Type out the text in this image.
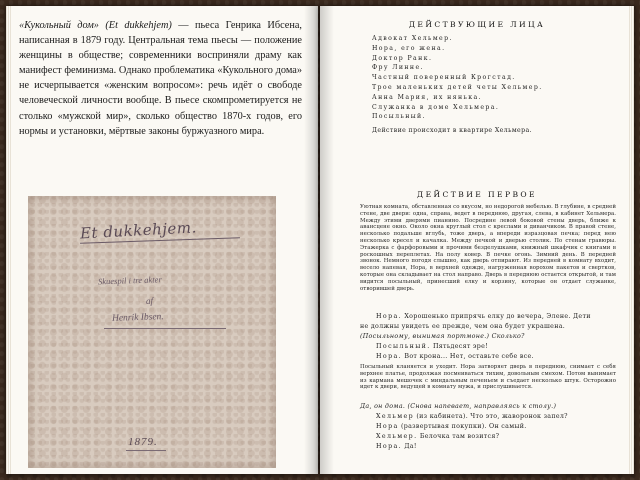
«Кукольный дом» (Et dukkehjem) — пьеса Генрика Ибсена, написанная в 1879 году. Центральная тема пьесы — положение женщины в обществе; современники восприняли драму как манифест феминизма. Однако проблематика «Кукольного дома» не исчерпывается «женским вопросом»: речь идёт о свободе человеческой личности вообще. В пьесе скомпрометируется не столько «мужской мир», сколько общество 1870-х годов, его нормы и установки, мёртвые законы буржуазного мира.
Et dukkehjem.
Skuespil i tre akter
af
Henrik Ibsen.
1879.
ДЕЙСТВУЮЩИЕ ЛИЦА
Адвокат Хельмер.
Нора, его жена.
Доктор Ранк.
Фру Линне.
Частный поверенный Крогстад.
Трое маленьких детей четы Хельмер.
Анна Мария, их нянька.
Служанка в доме Хельмера.
Посыльный.
Действие происходит в квартире Хельмера.
ДЕЙСТВИЕ ПЕРВОЕ
Уютная комната, обставленная со вкусом, но недорогой мебелью. В глубине, в средней стене, две двери: одна, справа, ведет в переднюю, другая, слева, в кабинет Хельмера. Между этими дверями пианино. Посредине левой боковой стены дверь, ближе к авансцене окно. Около окна круглый стол с креслами и диванчиком. В правой стене, несколько подальше вглубь, тоже дверь, а впереди изразцовая печка; перед нею несколько кресел и качалка. Между печкой и дверью столик. По стенам гравюры. Этажерка с фарфоровыми и прочими безделушками, книжный шкафчик с книгами в роскошных переплетах. На полу ковер. В печке огонь. Зимний день. В передней звонок. Немного погодя слышно, как дверь отпирают. Из передней в комнату входит, весело напевая, Нора, в верхней одежде, нагруженная ворохом пакетов и свертков, которые она складывает на стол направо. Дверь в переднюю остается открытой, и там видится посыльный, принесший елку и корзину, которые он отдает служанке, отворившей дверь.
Нора. Хорошенько припрячь елку до вечера, Элене. Дети
не должны увидеть ее прежде, чем она будет украшена.
(Посыльному, вынимая портмоне.) Сколько?
Посыльный. Пятьдесят эре!
Нора. Вот крона... Нет, оставьте себе все.
Посыльный кланяется и уходит. Нора затворяет дверь в переднюю, снимает с себя верхнее платье, продолжая посмеиваться тихим, довольным смехом. Потом вынимает из кармана мешочек с миндальным печеньем и съедает несколько штук. Осторожно идет к двери, ведущей в комнату мужа, и прислушивается.
Да, он дома. (Снова напевает, направляясь к столу.)
Хельмер (из кабинета). Что это, жаворонок запел?
Нора (развертывая покупки). Он самый.
Хельмер. Белочка там возится?
Нора. Да!
